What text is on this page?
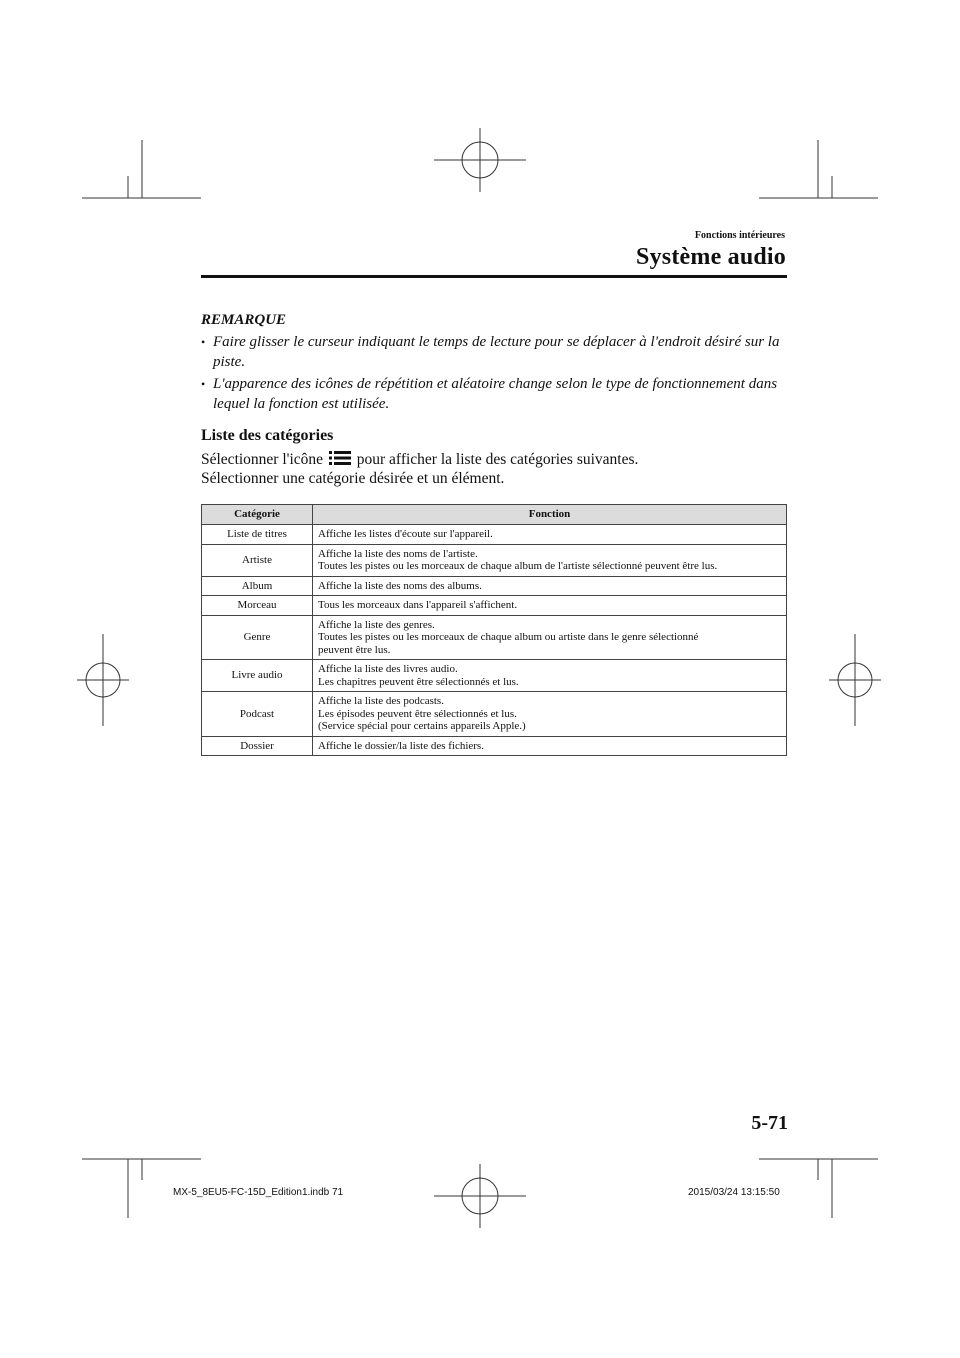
Fonctions intérieures
Système audio
REMARQUE
• Faire glisser le curseur indiquant le temps de lecture pour se déplacer à l'endroit désiré sur la piste.
• L'apparence des icônes de répétition et aléatoire change selon le type de fonctionnement dans lequel la fonction est utilisée.
Liste des catégories
Sélectionner l'icône pour afficher la liste des catégories suivantes.
Sélectionner une catégorie désirée et un élément.
Catégorie	Fonction
Liste de titres	Affiche les listes d'écoute sur l'appareil.

Artiste	Affiche la liste des noms de l'artiste.
Toutes les pistes ou les morceaux de chaque album de l'artiste sélectionné peuvent être lus.

Album	Affiche la liste des noms des albums.

Morceau	Tous les morceaux dans l'appareil s'affichent.

Genre	Affiche la liste des genres.
Toutes les pistes ou les morceaux de chaque album ou artiste dans le genre sélectionné
peuvent être lus.

Livre audio	Affiche la liste des livres audio.
Les chapitres peuvent être sélectionnés et lus.

Podcast	Affiche la liste des podcasts.
Les épisodes peuvent être sélectionnés et lus.
(Service spécial pour certains appareils Apple.)

Dossier	Affiche le dossier/la liste des fichiers.
5-71
MX-5_8EU5-FC-15D_Edition1.indb 71	2015/03/24 13:15:50
